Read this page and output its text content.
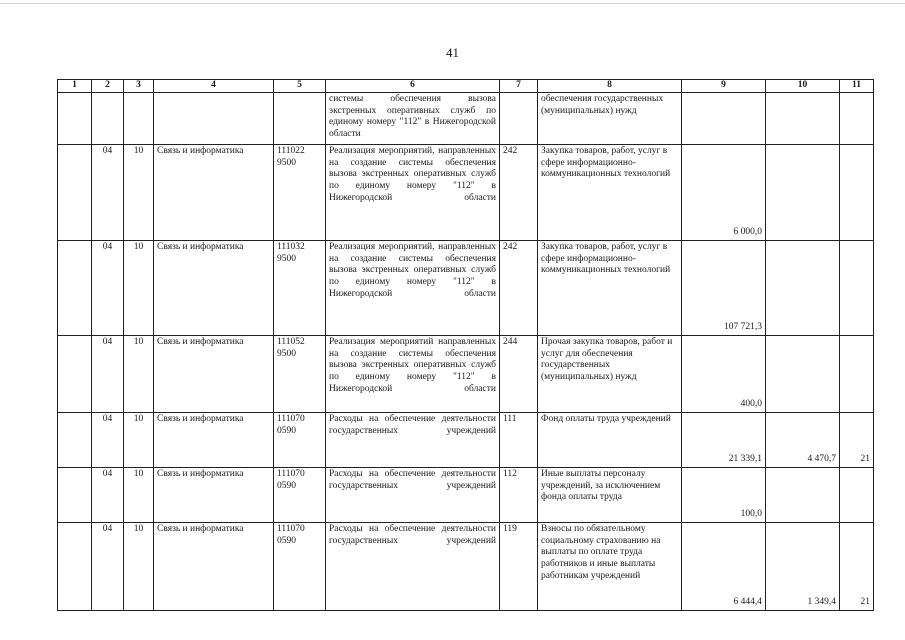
41
1	2	3	4	5	6	7	8	9	10	11
					системы обеспечения вызова экстренных оперативных служб по единому номеру "112" в Нижегородской области		обеспечения государственных (муниципальных) нужд			
	04	10	Связь и информатика	111022 9500	Реализация мероприятий, направленных на создание системы обеспечения вызова экстренных оперативных служб по единому номеру "112" в Нижегородской области	242	Закупка товаров, работ, услуг в сфере информационно-коммуникационных технологий	6 000,0		
	04	10	Связь и информатика	111032 9500	Реализация мероприятий, направленных на создание системы обеспечения вызова экстренных оперативных служб по единому номеру "112" в Нижегородской области	242	Закупка товаров, работ, услуг в сфере информационно-коммуникационных технологий	107 721,3		
	04	10	Связь и информатика	111052 9500	Реализация мероприятий направленных на создание системы обеспечения вызова экстренных оперативных служб по единому номеру "112" в Нижегородской области	244	Прочая закупка товаров, работ и услуг для обеспечения государственных (муниципальных) нужд	400,0		
	04	10	Связь и информатика	111070 0590	Расходы на обеспечение деятельности государственных учреждений	111	Фонд оплаты труда учреждений	21 339,1	4 470,7	21
	04	10	Связь и информатика	111070 0590	Расходы на обеспечение деятельности государственных учреждений	112	Иные выплаты персоналу учреждений, за исключением фонда оплаты труда	100,0		
	04	10	Связь и информатика	111070 0590	Расходы на обеспечение деятельности государственных учреждений	119	Взносы по обязательному социальному страхованию на выплаты по оплате труда работников и иные выплаты работникам учреждений	6 444,4	1 349,4	21
